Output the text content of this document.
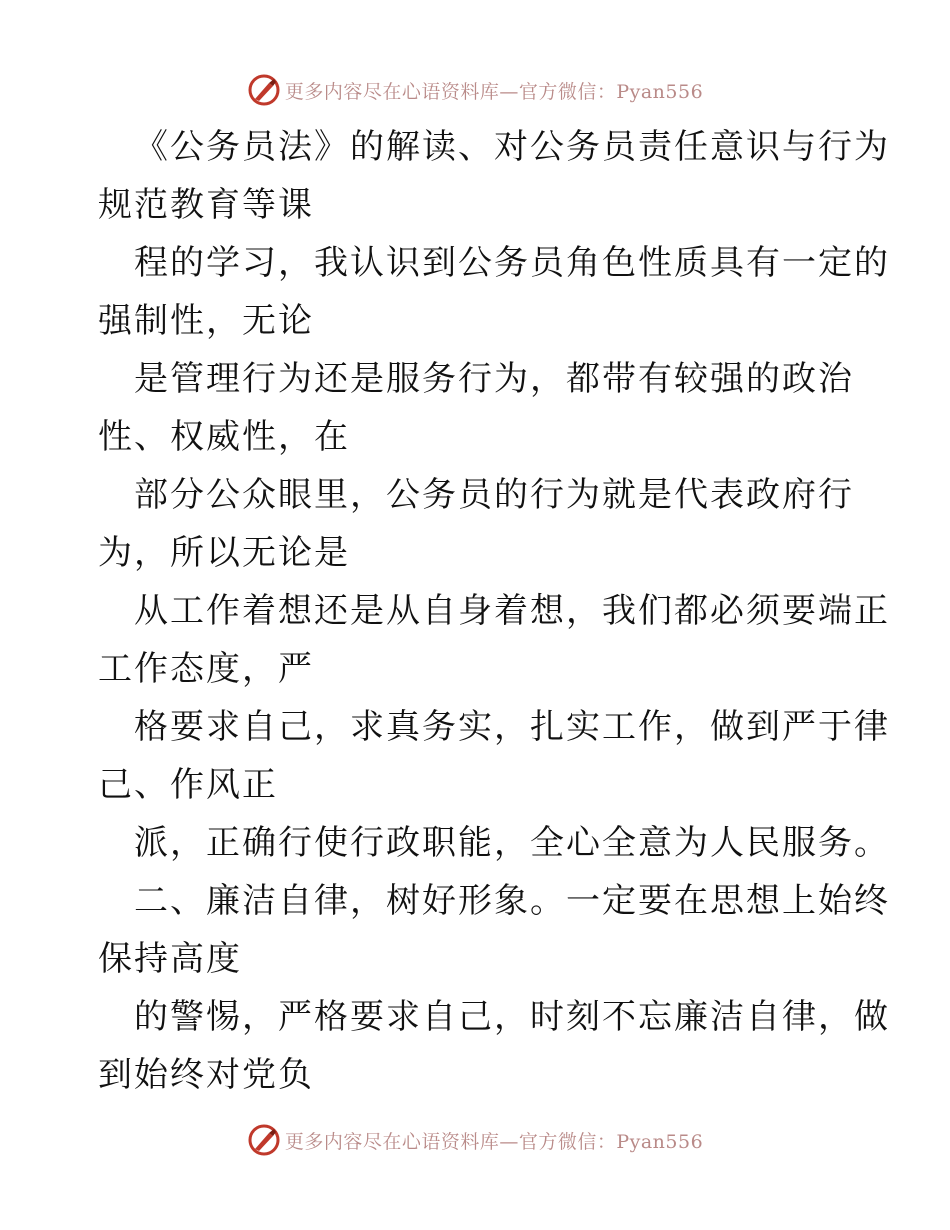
更多内容尽在心语资料库—官方微信：Pyan556
《公务员法》的解读、对公务员责任意识与行为
规范教育等课
程的学习，我认识到公务员角色性质具有一定的
强制性，无论
是管理行为还是服务行为，都带有较强的政治
性、权威性，在
部分公众眼里，公务员的行为就是代表政府行
为，所以无论是
从工作着想还是从自身着想，我们都必须要端正
工作态度，严
格要求自己，求真务实，扎实工作，做到严于律
己、作风正
派，正确行使行政职能，全心全意为人民服务。
二、廉洁自律，树好形象。一定要在思想上始终
保持高度
的警惕，严格要求自己，时刻不忘廉洁自律，做
到始终对党负
更多内容尽在心语资料库—官方微信：Pyan556
